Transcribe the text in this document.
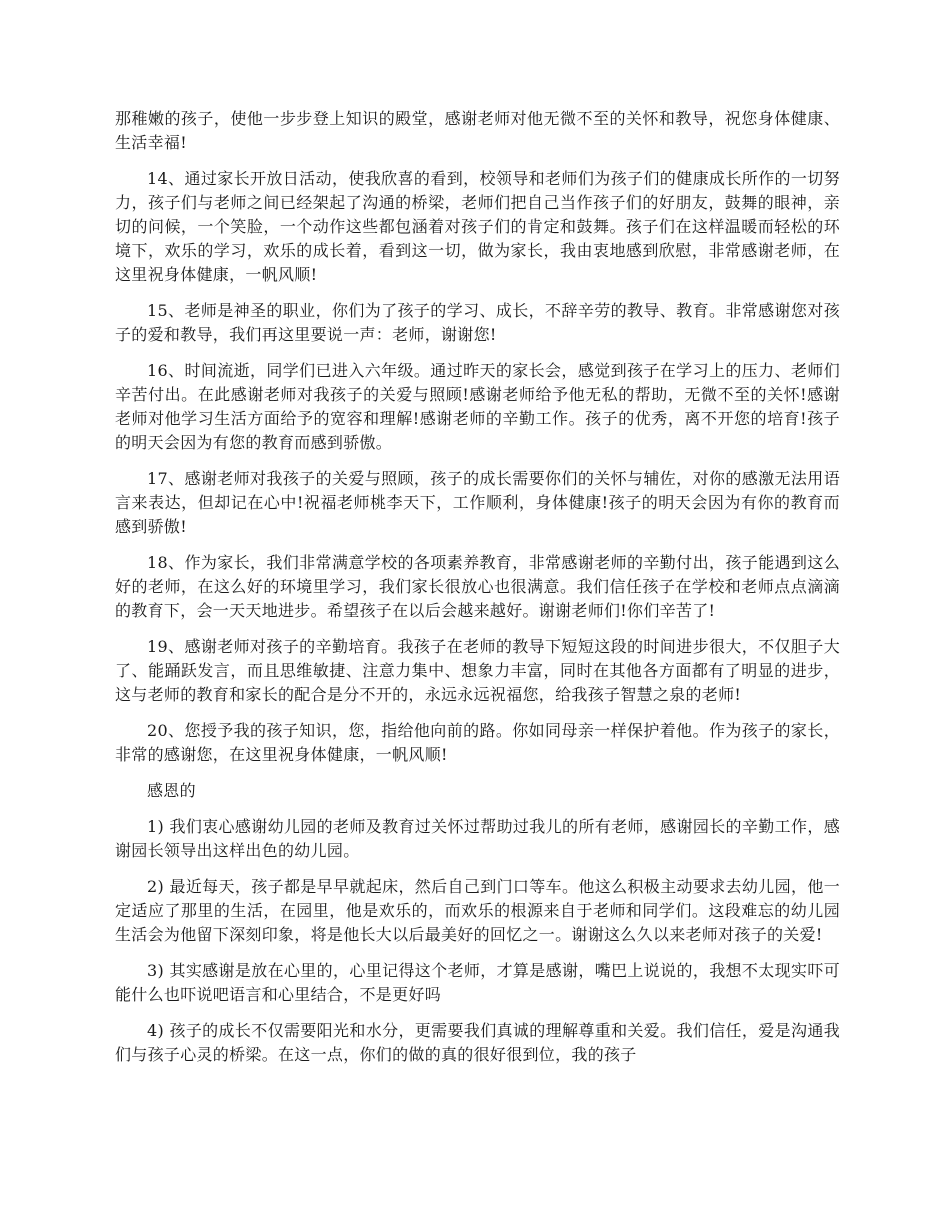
那稚嫩的孩子，使他一步步登上知识的殿堂，感谢老师对他无微不至的关怀和教导，祝您身体健康、生活幸福!

14、通过家长开放日活动，使我欣喜的看到，校领导和老师们为孩子们的健康成长所作的一切努力，孩子们与老师之间已经架起了沟通的桥梁，老师们把自己当作孩子们的好朋友，鼓舞的眼神，亲切的问候，一个笑脸，一个动作这些都包涵着对孩子们的肯定和鼓舞。孩子们在这样温暖而轻松的环境下，欢乐的学习，欢乐的成长着，看到这一切，做为家长，我由衷地感到欣慰，非常感谢老师，在这里祝身体健康，一帆风顺!

15、老师是神圣的职业，你们为了孩子的学习、成长，不辞辛劳的教导、教育。非常感谢您对孩子的爱和教导，我们再这里要说一声：老师，谢谢您!

16、时间流逝，同学们已进入六年级。通过昨天的家长会，感觉到孩子在学习上的压力、老师们辛苦付出。在此感谢老师对我孩子的关爱与照顾!感谢老师给予他无私的帮助，无微不至的关怀!感谢老师对他学习生活方面给予的宽容和理解!感谢老师的辛勤工作。孩子的优秀，离不开您的培育!孩子的明天会因为有您的教育而感到骄傲。

17、感谢老师对我孩子的关爱与照顾，孩子的成长需要你们的关怀与辅佐，对你的感激无法用语言来表达，但却记在心中!祝福老师桃李天下，工作顺利，身体健康!孩子的明天会因为有你的教育而感到骄傲!

18、作为家长，我们非常满意学校的各项素养教育，非常感谢老师的辛勤付出，孩子能遇到这么好的老师，在这么好的环境里学习，我们家长很放心也很满意。我们信任孩子在学校和老师点点滴滴的教育下，会一天天地进步。希望孩子在以后会越来越好。谢谢老师们!你们辛苦了!

19、感谢老师对孩子的辛勤培育。我孩子在老师的教导下短短这段的时间进步很大，不仅胆子大了、能踊跃发言，而且思维敏捷、注意力集中、想象力丰富，同时在其他各方面都有了明显的进步，这与老师的教育和家长的配合是分不开的，永远永远祝福您，给我孩子智慧之泉的老师!

20、您授予我的孩子知识，您，指给他向前的路。你如同母亲一样保护着他。作为孩子的家长，非常的感谢您，在这里祝身体健康，一帆风顺!

感恩的

1) 我们衷心感谢幼儿园的老师及教育过关怀过帮助过我儿的所有老师，感谢园长的辛勤工作，感谢园长领导出这样出色的幼儿园。

2) 最近每天，孩子都是早早就起床，然后自己到门口等车。他这么积极主动要求去幼儿园，他一定适应了那里的生活，在园里，他是欢乐的，而欢乐的根源来自于老师和同学们。这段难忘的幼儿园生活会为他留下深刻印象，将是他长大以后最美好的回忆之一。谢谢这么久以来老师对孩子的关爱!

3) 其实感谢是放在心里的，心里记得这个老师，才算是感谢，嘴巴上说说的，我想不太现实吓可能什么也吓说吧语言和心里结合，不是更好吗

4) 孩子的成长不仅需要阳光和水分，更需要我们真诚的理解尊重和关爱。我们信任，爱是沟通我们与孩子心灵的桥梁。在这一点，你们的做的真的很好很到位，我的孩子
